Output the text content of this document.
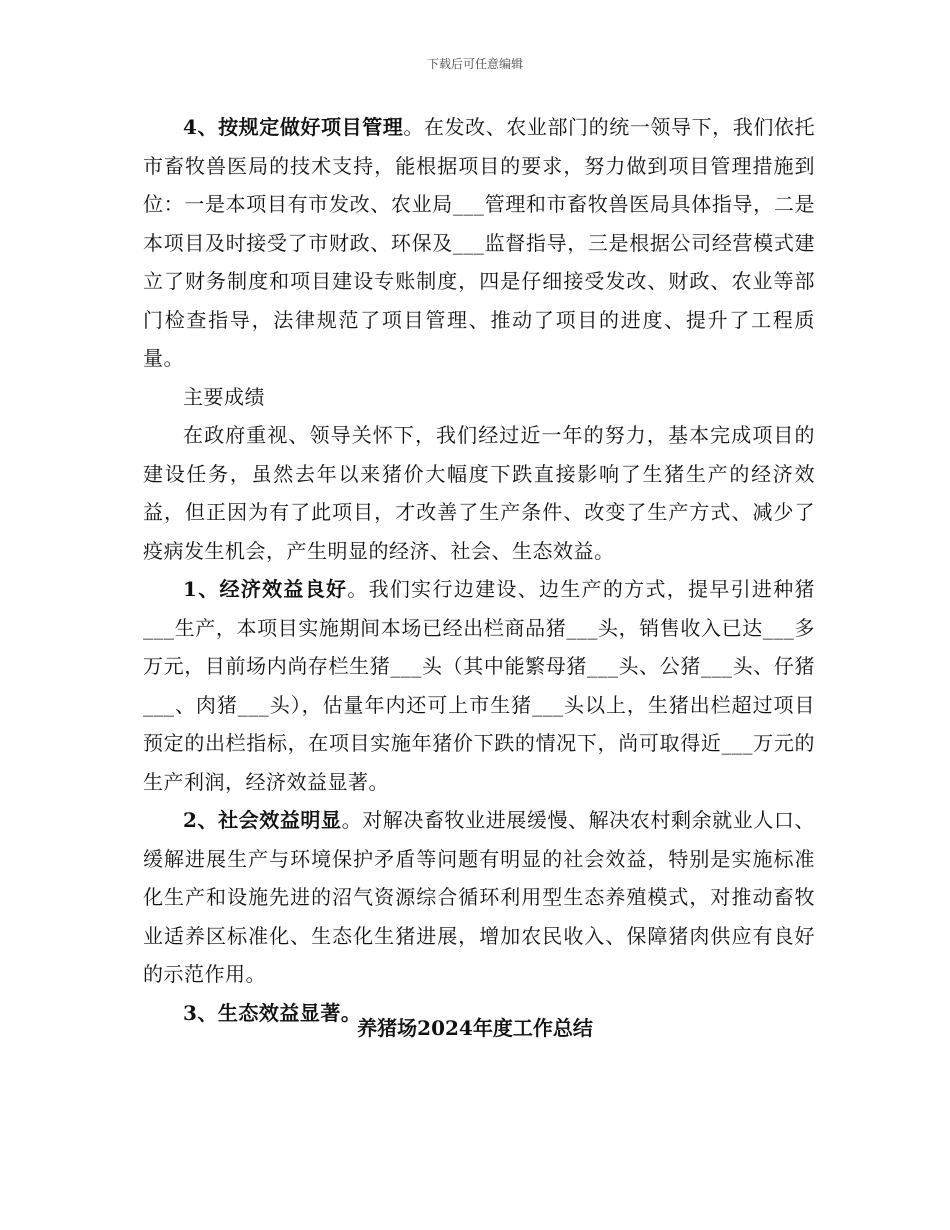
下载后可任意编辑

4、按规定做好项目管理。在发改、农业部门的统一领导下，我们依托市畜牧兽医局的技术支持，能根据项目的要求，努力做到项目管理措施到位：一是本项目有市发改、农业局___管理和市畜牧兽医局具体指导，二是本项目及时接受了市财政、环保及___监督指导，三是根据公司经营模式建立了财务制度和项目建设专账制度，四是仔细接受发改、财政、农业等部门检查指导，法律规范了项目管理、推动了项目的进度、提升了工程质量。

主要成绩

在政府重视、领导关怀下，我们经过近一年的努力，基本完成项目的建设任务，虽然去年以来猪价大幅度下跌直接影响了生猪生产的经济效益，但正因为有了此项目，才改善了生产条件、改变了生产方式、减少了疫病发生机会，产生明显的经济、社会、生态效益。

1、经济效益良好。我们实行边建设、边生产的方式，提早引进种猪___生产，本项目实施期间本场已经出栏商品猪___头，销售收入已达___多万元，目前场内尚存栏生猪___头（其中能繁母猪___头、公猪___头、仔猪___、肉猪___头），估量年内还可上市生猪___头以上，生猪出栏超过项目预定的出栏指标，在项目实施年猪价下跌的情况下，尚可取得近___万元的生产利润，经济效益显著。

2、社会效益明显。对解决畜牧业进展缓慢、解决农村剩余就业人口、缓解进展生产与环境保护矛盾等问题有明显的社会效益，特别是实施标准化生产和设施先进的沼气资源综合循环利用型生态养殖模式，对推动畜牧业适养区标准化、生态化生猪进展，增加农民收入、保障猪肉供应有良好的示范作用。

3、生态效益显著。

养猪场2024年度工作总结
